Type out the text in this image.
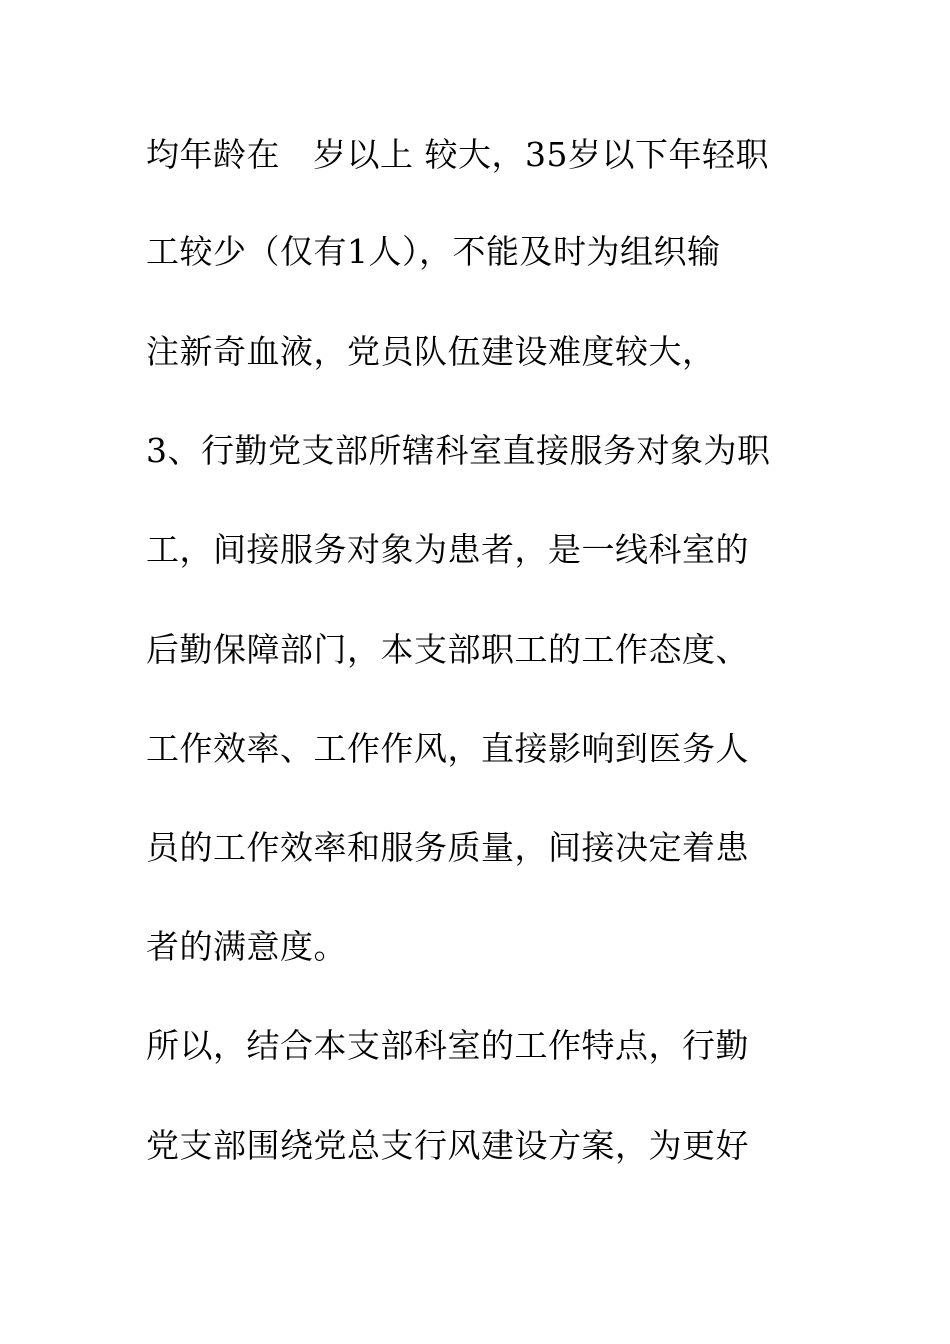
均年龄在   岁以上 较大，35岁以下年轻职
工较少（仅有1人），不能及时为组织输
注新奇血液，党员队伍建设难度较大，
3、行勤党支部所辖科室直接服务对象为职
工，间接服务对象为患者，是一线科室的
后勤保障部门，本支部职工的工作态度、
工作效率、工作作风，直接影响到医务人
员的工作效率和服务质量，间接决定着患
者的满意度。
所以，结合本支部科室的工作特点，行勤
党支部围绕党总支行风建设方案，为更好
